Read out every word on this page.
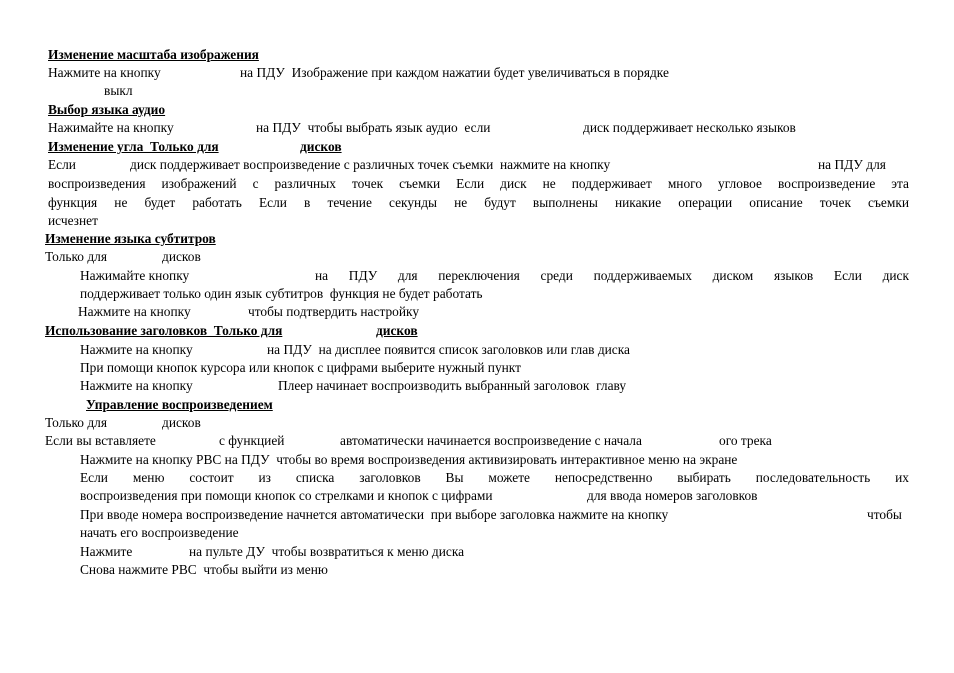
Изменение масштаба изображения
Нажмите на кнопку	на ПДУ  Изображение при каждом нажатии будет увеличиваться в порядке
выкл
Выбор языка аудио
Нажимайте на кнопку	на ПДУ  чтобы выбрать язык аудио  если	диск поддерживает несколько языков
Изменение угла  Только для	дисков
Если	диск поддерживает воспроизведение с различных точек съемки  нажмите на кнопку	на ПДУ для
воспроизведения изображений с различных точек съемки Если диск не поддерживает много угловое воспроизведение эта
функция не будет работать Если в течение секунды не будут выполнены никакие операции описание точек съемки
исчезнет
Изменение языка субтитров
Только для	дисков
Нажимайте кнопку	на ПДУ для переключения среди поддерживаемых диском языков Если диск
поддерживает только один язык субтитров  функция не будет работать
Нажмите на кнопку	чтобы подтвердить настройку
Использование заголовков  Только для	дисков
Нажмите на кнопку	на ПДУ  на дисплее появится список заголовков или глав диска
При помощи кнопок курсора или кнопок с цифрами выберите нужный пункт
Нажмите на кнопку	Плеер начинает воспроизводить выбранный заголовок  главу
Управление воспроизведением
Только для	дисков
Если вы вставляете	с функцией	автоматически начинается воспроизведение с начала	ого трека
Нажмите на кнопку PBC на ПДУ  чтобы во время воспроизведения активизировать интерактивное меню на экране
Если меню состоит из списка заголовков Вы можете непосредственно выбирать последовательность их
воспроизведения при помощи кнопок со стрелками и кнопок с цифрами	для ввода номеров заголовков
При вводе номера воспроизведение начнется автоматически  при выборе заголовка нажмите на кнопку	чтобы
начать его воспроизведение
Нажмите	на пульте ДУ  чтобы возвратиться к меню диска
Снова нажмите PBC  чтобы выйти из меню
